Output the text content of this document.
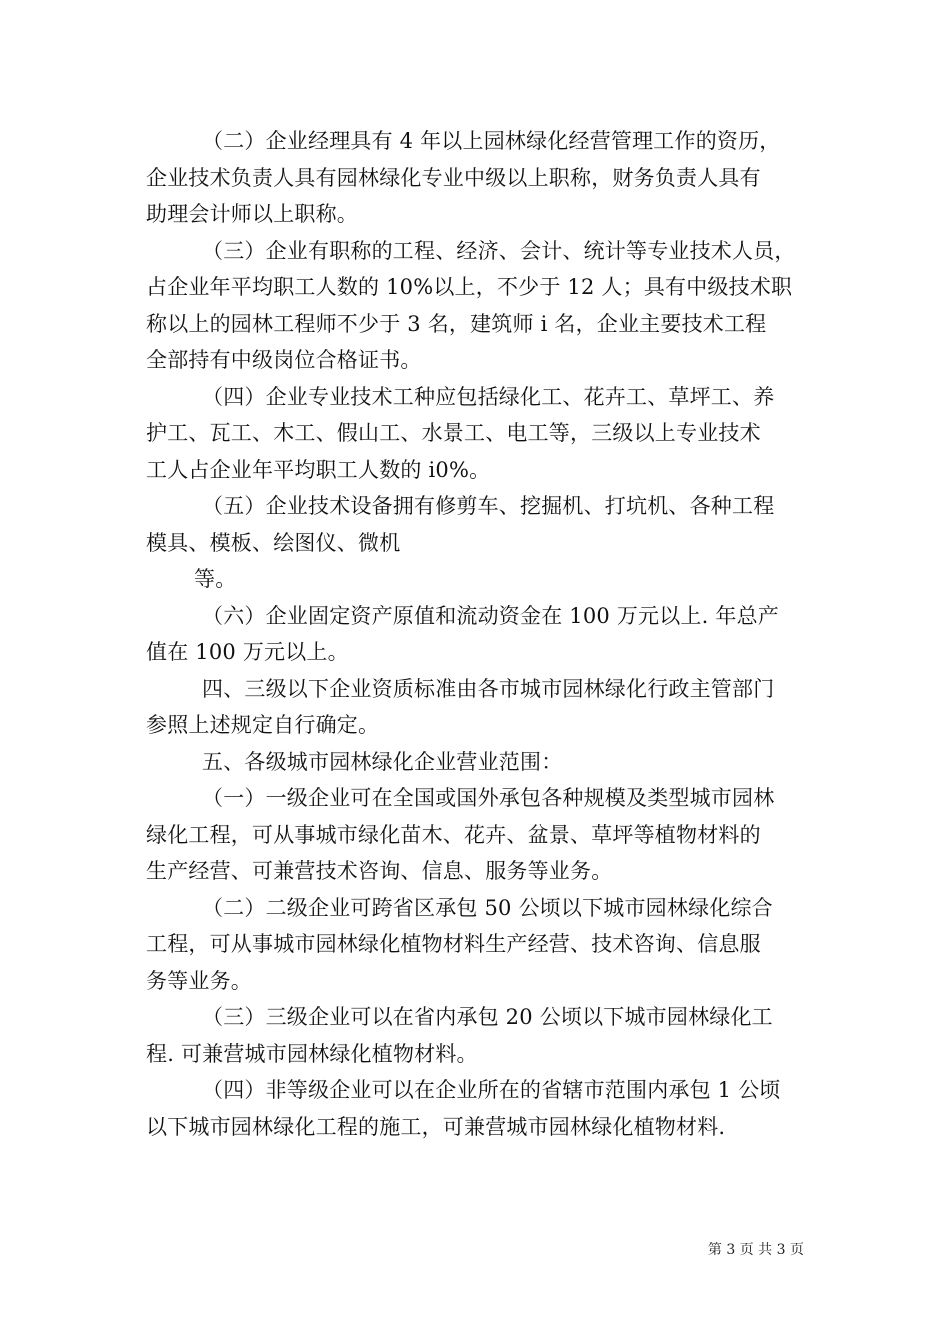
（二）企业经理具有 4 年以上园林绿化经营管理工作的资历，
企业技术负责人具有园林绿化专业中级以上职称，财务负责人具有
助理会计师以上职称。
（三）企业有职称的工程、经济、会计、统计等专业技术人员，
占企业年平均职工人数的 10%以上，不少于 12 人；具有中级技术职
称以上的园林工程师不少于 3 名，建筑师 i 名，企业主要技术工程
全部持有中级岗位合格证书。
（四）企业专业技术工种应包括绿化工、花卉工、草坪工、养
护工、瓦工、木工、假山工、水景工、电工等，三级以上专业技术
工人占企业年平均职工人数的 i0%。
（五）企业技术设备拥有修剪车、挖掘机、打坑机、各种工程
模具、模板、绘图仪、微机
等。
（六）企业固定资产原值和流动资金在 100 万元以上. 年总产
值在 100 万元以上。
四、三级以下企业资质标准由各市城市园林绿化行政主管部门
参照上述规定自行确定。
五、各级城市园林绿化企业营业范围：
（一）一级企业可在全国或国外承包各种规模及类型城市园林
绿化工程，可从事城市绿化苗木、花卉、盆景、草坪等植物材料的
生产经营、可兼营技术咨询、信息、服务等业务。
（二）二级企业可跨省区承包 50 公顷以下城市园林绿化综合
工程，可从事城市园林绿化植物材料生产经营、技术咨询、信息服
务等业务。
（三）三级企业可以在省内承包 20 公顷以下城市园林绿化工
程. 可兼营城市园林绿化植物材料。
（四）非等级企业可以在企业所在的省辖市范围内承包 1 公顷
以下城市园林绿化工程的施工，可兼营城市园林绿化植物材料.
第 3 页 共 3 页
